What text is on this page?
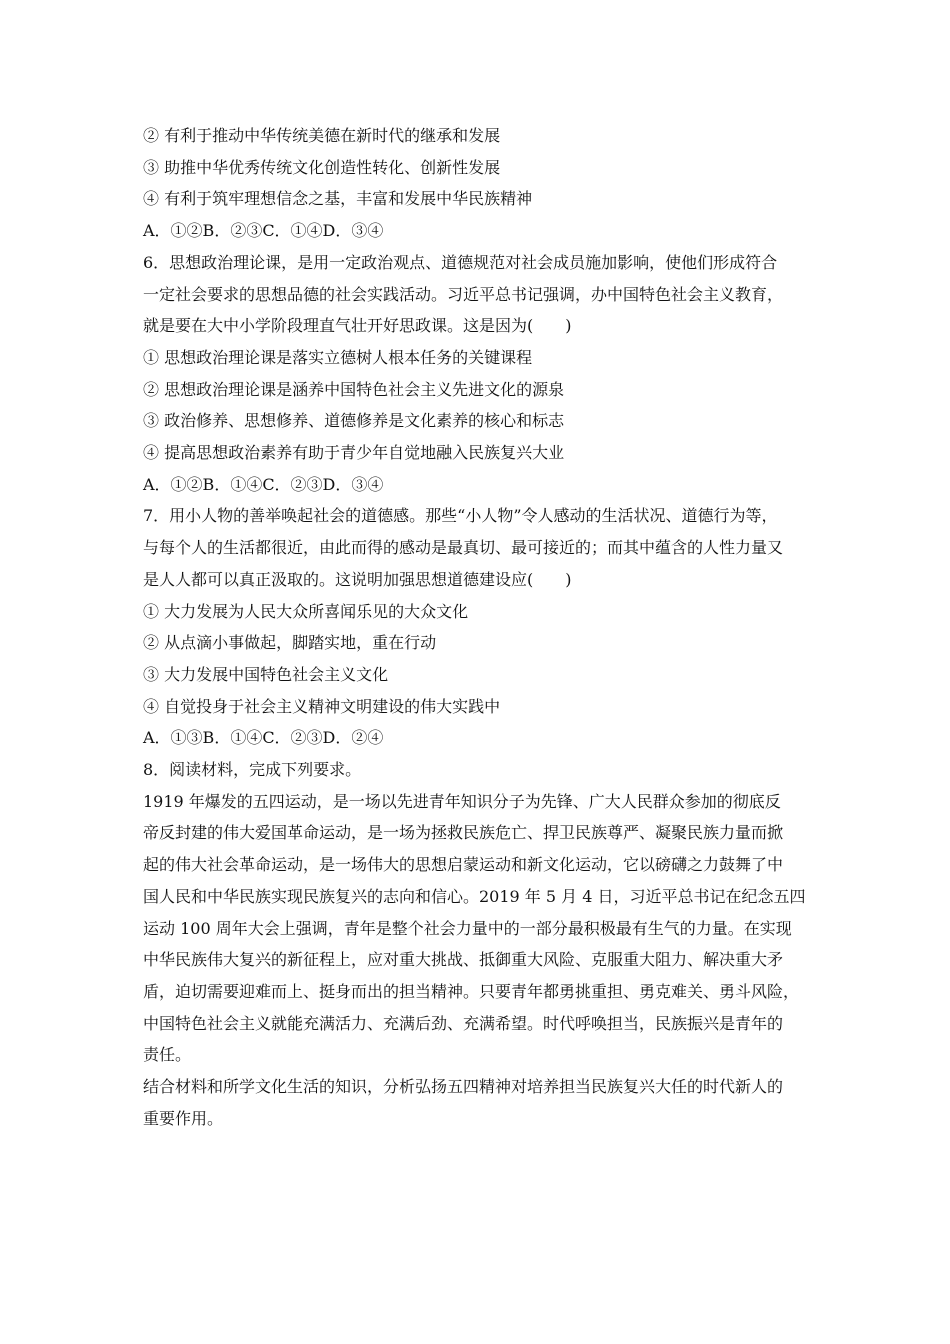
② 有利于推动中华传统美德在新时代的继承和发展

③ 助推中华优秀传统文化创造性转化、创新性发展

④ 有利于筑牢理想信念之基，丰富和发展中华民族精神

A．①②B．②③C．①④D．③④

6．思想政治理论课，是用一定政治观点、道德规范对社会成员施加影响，使他们形成符合

一定社会要求的思想品德的社会实践活动。习近平总书记强调，办中国特色社会主义教育，

就是要在大中小学阶段理直气壮开好思政课。这是因为(　　)

① 思想政治理论课是落实立德树人根本任务的关键课程

② 思想政治理论课是涵养中国特色社会主义先进文化的源泉

③ 政治修养、思想修养、道德修养是文化素养的核心和标志

④ 提高思想政治素养有助于青少年自觉地融入民族复兴大业

A．①②B．①④C．②③D．③④

7．用小人物的善举唤起社会的道德感。那些“小人物”令人感动的生活状况、道德行为等，

与每个人的生活都很近，由此而得的感动是最真切、最可接近的；而其中蕴含的人性力量又

是人人都可以真正汲取的。这说明加强思想道德建设应(　　)

① 大力发展为人民大众所喜闻乐见的大众文化

② 从点滴小事做起，脚踏实地，重在行动

③ 大力发展中国特色社会主义文化

④ 自觉投身于社会主义精神文明建设的伟大实践中

A．①③B．①④C．②③D．②④

8．阅读材料，完成下列要求。

1919 年爆发的五四运动，是一场以先进青年知识分子为先锋、广大人民群众参加的彻底反

帝反封建的伟大爱国革命运动，是一场为拯救民族危亡、捍卫民族尊严、凝聚民族力量而掀

起的伟大社会革命运动，是一场伟大的思想启蒙运动和新文化运动，它以磅礴之力鼓舞了中

国人民和中华民族实现民族复兴的志向和信心。2019 年 5 月 4 日，习近平总书记在纪念五四

运动 100 周年大会上强调，青年是整个社会力量中的一部分最积极最有生气的力量。在实现

中华民族伟大复兴的新征程上，应对重大挑战、抵御重大风险、克服重大阻力、解决重大矛

盾，迫切需要迎难而上、挺身而出的担当精神。只要青年都勇挑重担、勇克难关、勇斗风险，

中国特色社会主义就能充满活力、充满后劲、充满希望。时代呼唤担当，民族振兴是青年的

责任。

结合材料和所学文化生活的知识，分析弘扬五四精神对培养担当民族复兴大任的时代新人的

重要作用。
